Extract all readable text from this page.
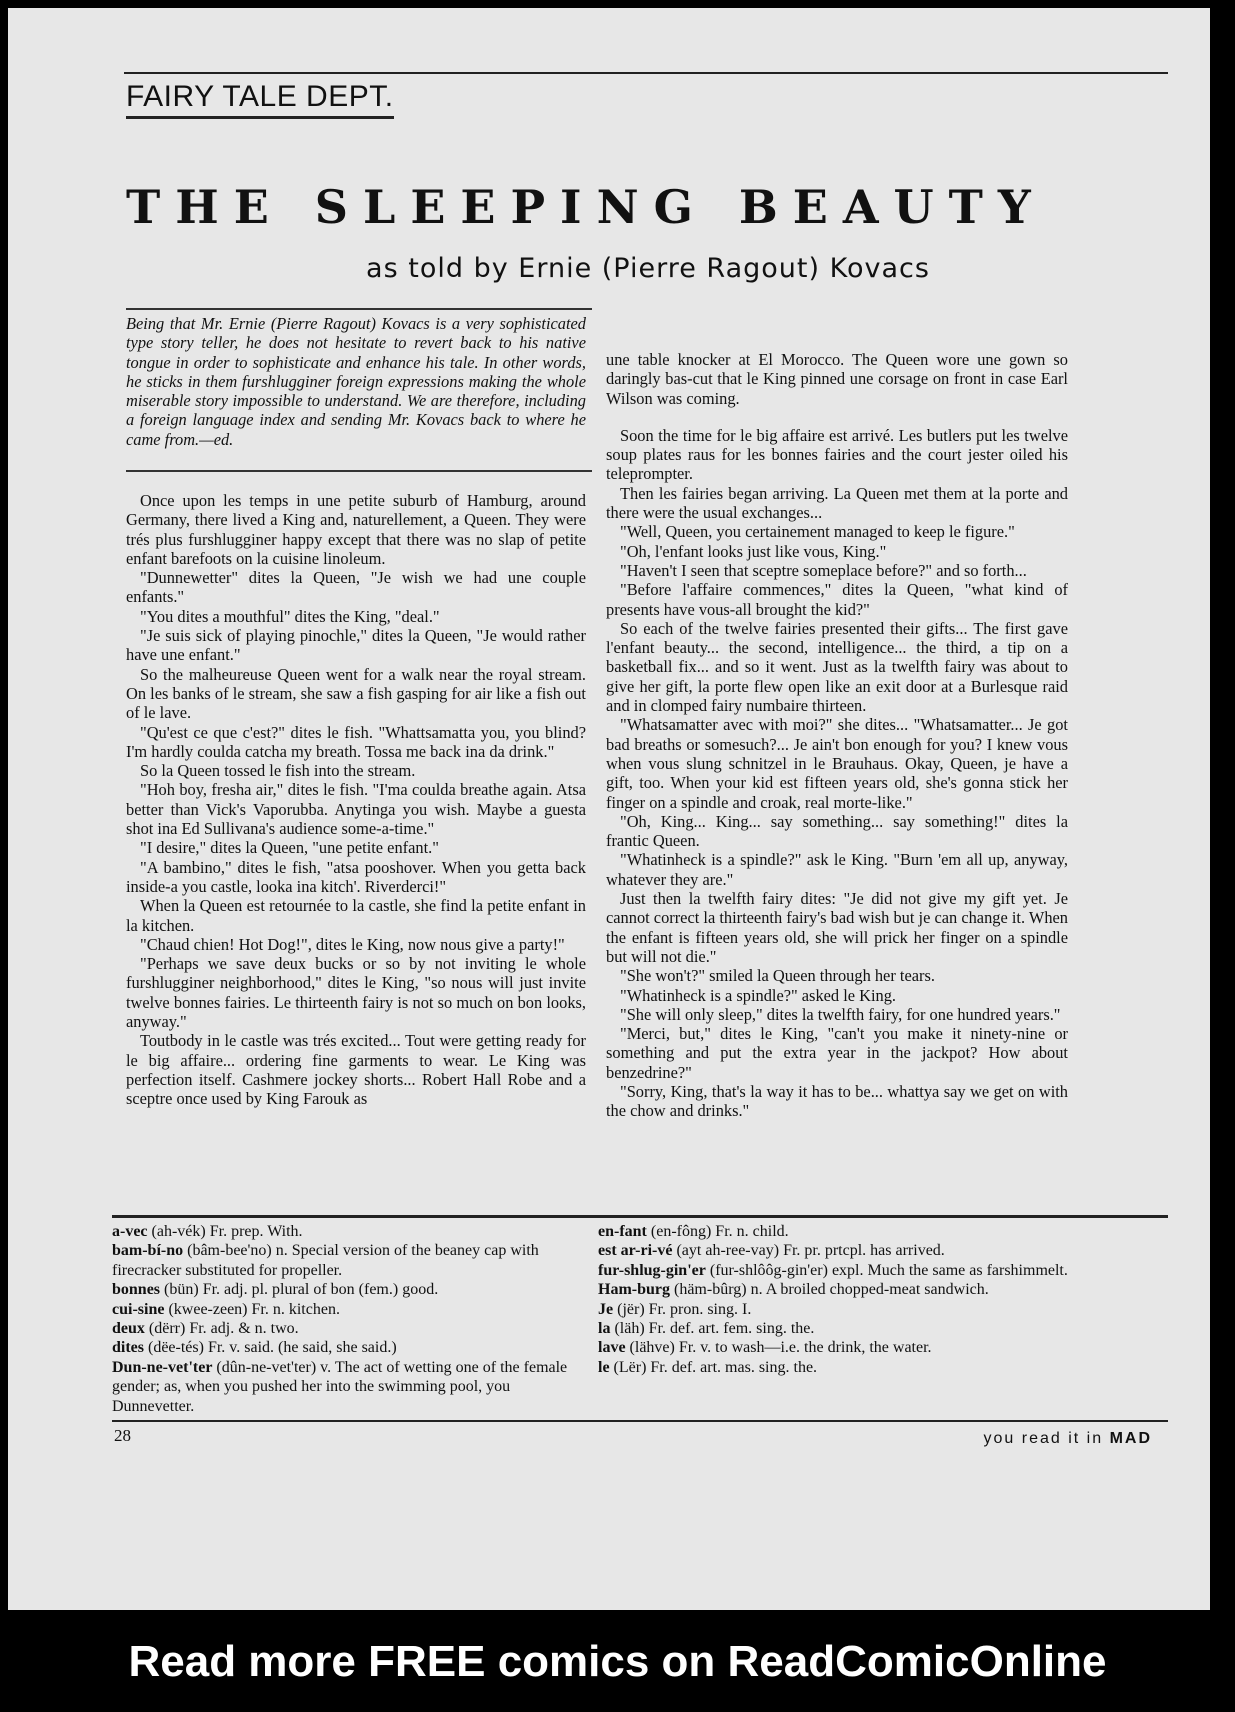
FAIRY TALE DEPT.
THE SLEEPING BEAUTY
as told by Ernie (Pierre Ragout) Kovacs

Being that Mr. Ernie (Pierre Ragout) Kovacs is a very sophisticated type story teller, he does not hesitate to revert back to his native tongue in order to sophisticate and enhance his tale. In other words, he sticks in them furshlugginer foreign expressions making the whole miserable story impossible to understand. We are therefore, including a foreign language index and sending Mr. Kovacs back to where he came from.—ed.

Once upon les temps in une petite suburb of Hamburg, around Germany, there lived a King and, naturellement, a Queen. They were trés plus furshlugginer happy except that there was no slap of petite enfant barefoots on la cuisine linoleum.

"Dunnewetter" dites la Queen, "Je wish we had une couple enfants."

"You dites a mouthful" dites the King, "deal."

"Je suis sick of playing pinochle," dites la Queen, "Je would rather have une enfant."

So the malheureuse Queen went for a walk near the royal stream. On les banks of le stream, she saw a fish gasping for air like a fish out of le lave.

"Qu'est ce que c'est?" dites le fish. "Whattsamatta you, you blind? I'm hardly coulda catcha my breath. Tossa me back ina da drink."

So la Queen tossed le fish into the stream.

"Hoh boy, fresha air," dites le fish. "I'ma coulda breathe again. Atsa better than Vick's Vaporubba. Anytinga you wish. Maybe a guesta shot ina Ed Sullivana's audience some-a-time."

"I desire," dites la Queen, "une petite enfant."

"A bambino," dites le fish, "atsa pooshover. When you getta back inside-a you castle, looka ina kitch'. Riverderci!"

When la Queen est retournée to la castle, she find la petite enfant in la kitchen.

"Chaud chien! Hot Dog!", dites le King, now nous give a party!"

"Perhaps we save deux bucks or so by not inviting le whole furshlugginer neighborhood," dites le King, "so nous will just invite twelve bonnes fairies. Le thirteenth fairy is not so much on bon looks, anyway."

Toutbody in le castle was trés excited... Tout were getting ready for le big affaire... ordering fine garments to wear. Le King was perfection itself. Cashmere jockey shorts... Robert Hall Robe and a sceptre once used by King Farouk as

une table knocker at El Morocco. The Queen wore une gown so daringly bas-cut that le King pinned une corsage on front in case Earl Wilson was coming.

Soon the time for le big affaire est arrivé. Les butlers put les twelve soup plates raus for les bonnes fairies and the court jester oiled his teleprompter.

Then les fairies began arriving. La Queen met them at la porte and there were the usual exchanges...

"Well, Queen, you certainement managed to keep le figure."

"Oh, l'enfant looks just like vous, King."

"Haven't I seen that sceptre someplace before?" and so forth...

"Before l'affaire commences," dites la Queen, "what kind of presents have vous-all brought the kid?"

So each of the twelve fairies presented their gifts... The first gave l'enfant beauty... the second, intelligence... the third, a tip on a basketball fix... and so it went. Just as la twelfth fairy was about to give her gift, la porte flew open like an exit door at a Burlesque raid and in clomped fairy numbaire thirteen.

"Whatsamatter avec with moi?" she dites... "Whatsamatter... Je got bad breaths or somesuch?... Je ain't bon enough for you? I knew vous when vous slung schnitzel in le Brauhaus. Okay, Queen, je have a gift, too. When your kid est fifteen years old, she's gonna stick her finger on a spindle and croak, real morte-like."

"Oh, King... King... say something... say something!" dites la frantic Queen.

"Whatinheck is a spindle?" ask le King. "Burn 'em all up, anyway, whatever they are."

Just then la twelfth fairy dites: "Je did not give my gift yet. Je cannot correct la thirteenth fairy's bad wish but je can change it. When the enfant is fifteen years old, she will prick her finger on a spindle but will not die."

"She won't?" smiled la Queen through her tears.

"Whatinheck is a spindle?" asked le King.

"She will only sleep," dites la twelfth fairy, for one hundred years."

"Merci, but," dites le King, "can't you make it ninety-nine or something and put the extra year in the jackpot? How about benzedrine?"

"Sorry, King, that's la way it has to be... whattya say we get on with the chow and drinks."

a-vec (ah-vék) Fr. prep. With.

bam-bí-no (bâm-bee'no) n. Special version of the beaney cap with firecracker substituted for propeller.

bonnes (bün) Fr. adj. pl. plural of bon (fem.) good.

cui-sine (kwee-zeen) Fr. n. kitchen.

deux (dërr) Fr. adj. & n. two.

dites (dëe-tés) Fr. v. said. (he said, she said.)

Dun-ne-vet'ter (dûn-ne-vet'ter) v. The act of wetting one of the female gender; as, when you pushed her into the swimming pool, you Dunnevetter.

en-fant (en-fông) Fr. n. child.

est ar-ri-vé (ayt ah-ree-vay) Fr. pr. prtcpl. has arrived.

fur-shlug-gin'er (fur-shlôôg-gin'er) expl. Much the same as farshimmelt.

Ham-burg (häm-bûrg) n. A broiled chopped-meat sandwich.

Je (jër) Fr. pron. sing. I.

la (läh) Fr. def. art. fem. sing. the.

lave (lähve) Fr. v. to wash—i.e. the drink, the water.

le (Lër) Fr. def. art. mas. sing. the.

28	you read it in MAD
Read more FREE comics on ReadComicOnline
